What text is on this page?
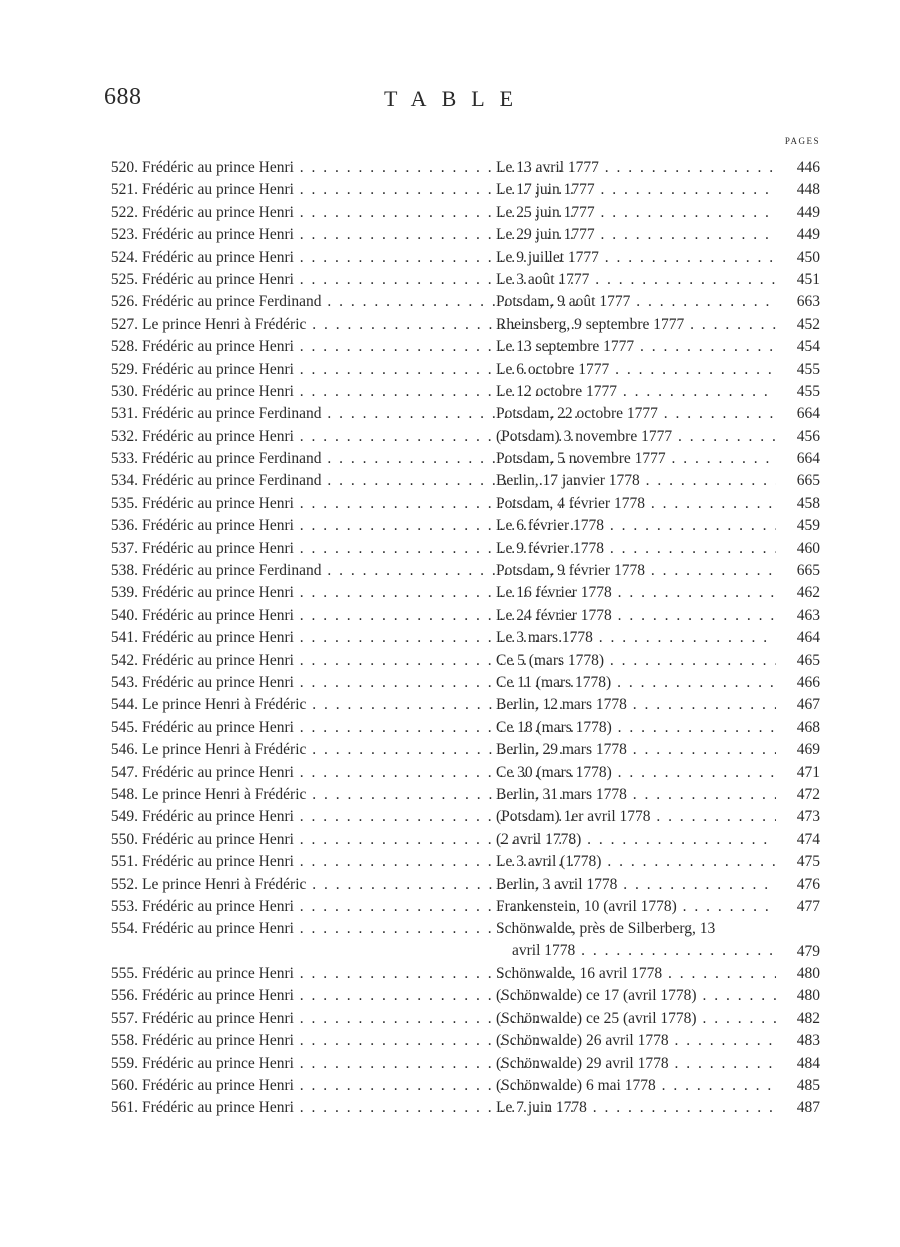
688	TABLE
PAGES
520. Frédéric au prince Henri . . .	Le 13 avril 1777 . . .	446
521. Frédéric au prince Henri . . .	Le 17 juin 1777 . . .	448
522. Frédéric au prince Henri . . .	Le 25 juin 1777 . . .	449
523. Frédéric au prince Henri . . .	Le 29 juin 1777 . . .	449
524. Frédéric au prince Henri . . .	Le 9 juillet 1777 . . .	450
525. Frédéric au prince Henri . . .	Le 3 août 1777 . . .	451
526. Frédéric au prince Ferdinand . . .	Potsdam, 9 août 1777 . . .	663
527. Le prince Henri à Frédéric . . .	Rheinsberg, 9 septembre 1777 . . .	452
528. Frédéric au prince Henri . . .	Le 13 septembre 1777 . . .	454
529. Frédéric au prince Henri . . .	Le 6 octobre 1777 . . .	455
530. Frédéric au prince Henri . . .	Le 12 octobre 1777 . . .	455
531. Frédéric au prince Ferdinand . . .	Potsdam, 22 octobre 1777 . . .	664
532. Frédéric au prince Henri . . .	(Potsdam) 3 novembre 1777 . . .	456
533. Frédéric au prince Ferdinand . . .	Potsdam, 5 novembre 1777 . . .	664
534. Frédéric au prince Ferdinand . . .	Berlin, 17 janvier 1778 . . .	665
535. Frédéric au prince Henri . . .	Potsdam, 4 février 1778 . . .	458
536. Frédéric au prince Henri . . .	Le 6 février 1778 . . .	459
537. Frédéric au prince Henri . . .	Le 9 février 1778 . . .	460
538. Frédéric au prince Ferdinand . . .	Potsdam, 9 février 1778 . . .	665
539. Frédéric au prince Henri . . .	Le 16 février 1778 . . .	462
540. Frédéric au prince Henri . . .	Le 24 février 1778 . . .	463
541. Frédéric au prince Henri . . .	Le 3 mars 1778 . . .	464
542. Frédéric au prince Henri . . .	Ce 5 (mars 1778) . . .	465
543. Frédéric au prince Henri . . .	Ce 11 (mars 1778) . . .	466
544. Le prince Henri à Frédéric . . .	Berlin, 12 mars 1778 . . .	467
545. Frédéric au prince Henri . . .	Ce 18 (mars 1778) . . .	468
546. Le prince Henri à Frédéric . . .	Berlin, 29 mars 1778 . . .	469
547. Frédéric au prince Henri . . .	Ce 30 (mars 1778) . . .	471
548. Le prince Henri à Frédéric . . .	Berlin, 31 mars 1778 . . .	472
549. Frédéric au prince Henri . . .	(Potsdam) 1er avril 1778 . . .	473
550. Frédéric au prince Henri . . .	(2 avril 1778) . . .	474
551. Frédéric au prince Henri . . .	Le 3 avril (1778) . . .	475
552. Le prince Henri à Frédéric . . .	Berlin, 3 avril 1778 . . .	476
553. Frédéric au prince Henri . . .	Frankenstein, 10 (avril 1778) . . .	477
554. Frédéric au prince Henri . . .	Schönwalde, près de Silberberg, 13
avril 1778 . . .	479
555. Frédéric au prince Henri . . .	Schönwalde, 16 avril 1778 . . .	480
556. Frédéric au prince Henri . . .	(Schönwalde) ce 17 (avril 1778) . . .	480
557. Frédéric au prince Henri . . .	(Schönwalde) ce 25 (avril 1778) . . .	482
558. Frédéric au prince Henri . . .	(Schönwalde) 26 avril 1778 . . .	483
559. Frédéric au prince Henri . . .	(Schönwalde) 29 avril 1778 . . .	484
560. Frédéric au prince Henri . . .	(Schönwalde) 6 mai 1778 . . .	485
561. Frédéric au prince Henri . . .	Le 7 juin 1778 . . .	487
